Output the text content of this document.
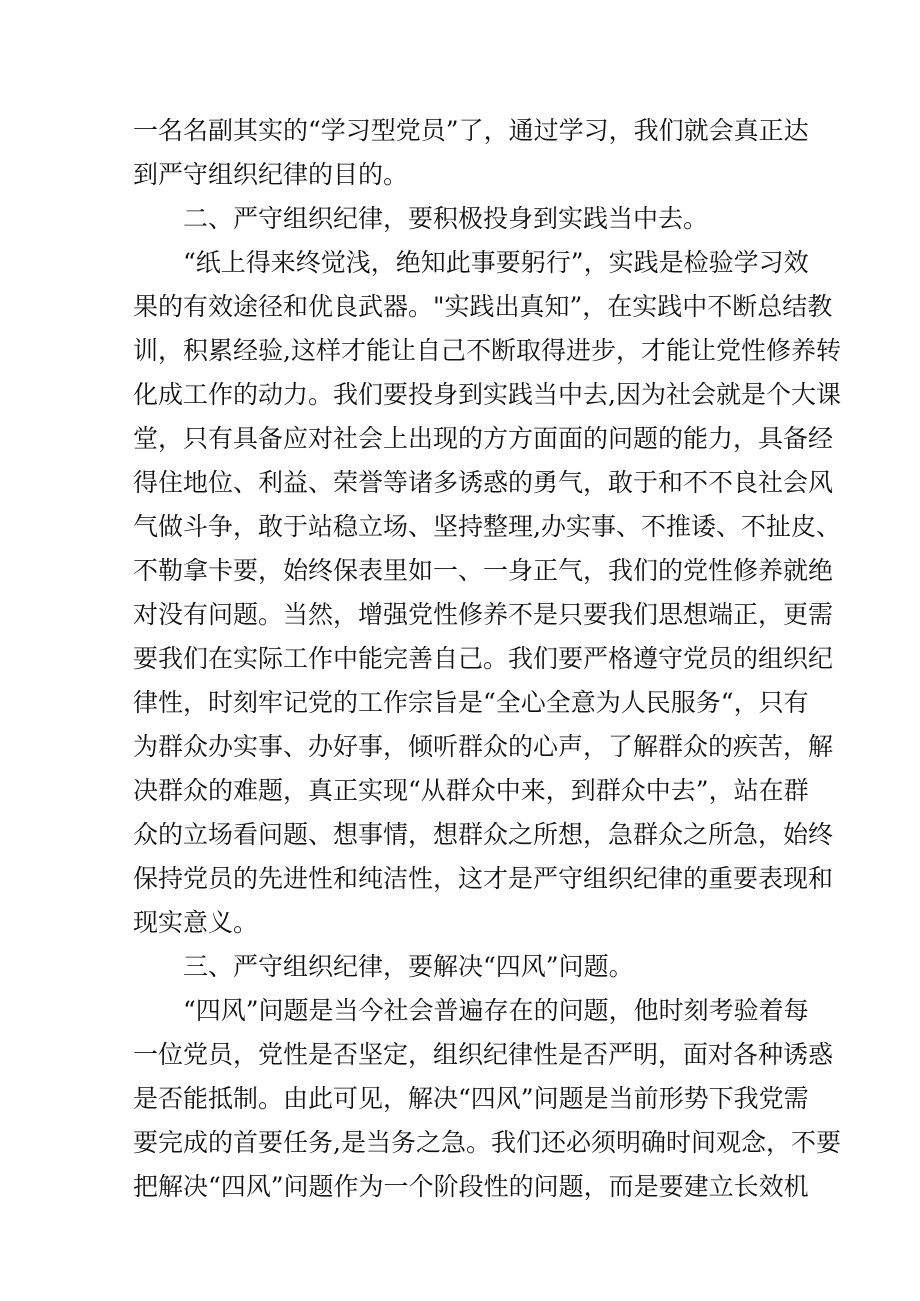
一名名副其实的“学习型党员”了，通过学习，我们就会真正达
到严守组织纪律的目的。
二、严守组织纪律，要积极投身到实践当中去。
“纸上得来终觉浅，绝知此事要躬行”，实践是检验学习效
果的有效途径和优良武器。"实践出真知”，在实践中不断总结教
训，积累经验,这样才能让自己不断取得进步，才能让党性修养转
化成工作的动力。我们要投身到实践当中去,因为社会就是个大课
堂，只有具备应对社会上出现的方方面面的问题的能力，具备经
得住地位、利益、荣誉等诸多诱惑的勇气，敢于和不不良社会风
气做斗争，敢于站稳立场、坚持整理,办实事、不推诿、不扯皮、
不勒拿卡要，始终保表里如一、一身正气，我们的党性修养就绝
对没有问题。当然，增强党性修养不是只要我们思想端正，更需
要我们在实际工作中能完善自己。我们要严格遵守党员的组织纪
律性，时刻牢记党的工作宗旨是“全心全意为人民服务“，只有
为群众办实事、办好事，倾听群众的心声，了解群众的疾苦，解
决群众的难题，真正实现“从群众中来，到群众中去”，站在群
众的立场看问题、想事情，想群众之所想，急群众之所急，始终
保持党员的先进性和纯洁性，这才是严守组织纪律的重要表现和
现实意义。
三、严守组织纪律，要解决“四风”问题。
“四风”问题是当今社会普遍存在的问题，他时刻考验着每
一位党员，党性是否坚定，组织纪律性是否严明，面对各种诱惑
是否能抵制。由此可见，解决“四风”问题是当前形势下我党需
要完成的首要任务,是当务之急。我们还必须明确时间观念，不要
把解决“四风”问题作为一个阶段性的问题，而是要建立长效机
